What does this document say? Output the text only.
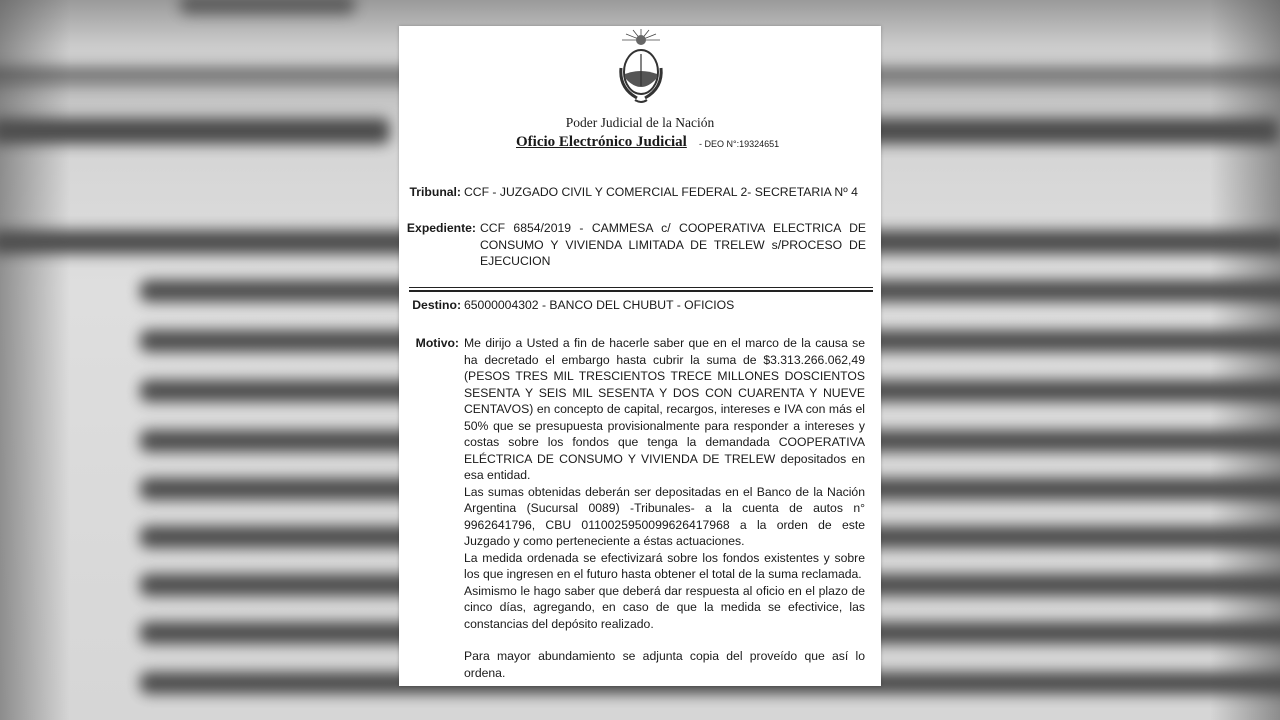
Poder Judicial de la Nación
Oficio Electrónico Judicial - DEO N°:19324651
Tribunal: CCF - JUZGADO CIVIL Y COMERCIAL FEDERAL 2- SECRETARIA Nº 4
Expediente: CCF 6854/2019 - CAMMESA c/ COOPERATIVA ELECTRICA DE CONSUMO Y VIVIENDA LIMITADA DE TRELEW s/PROCESO DE EJECUCION
Destino: 65000004302 - BANCO DEL CHUBUT - OFICIOS
Motivo: Me dirijo a Usted a fin de hacerle saber que en el marco de la causa se ha decretado el embargo hasta cubrir la suma de $3.313.266.062,49 (PESOS TRES MIL TRESCIENTOS TRECE MILLONES DOSCIENTOS SESENTA Y SEIS MIL SESENTA Y DOS CON CUARENTA Y NUEVE CENTAVOS) en concepto de capital, recargos, intereses e IVA con más el 50% que se presupuesta provisionalmente para responder a intereses y costas sobre los fondos que tenga la demandada COOPERATIVA ELÉCTRICA DE CONSUMO Y VIVIENDA DE TRELEW depositados en esa entidad.
Las sumas obtenidas deberán ser depositadas en el Banco de la Nación Argentina (Sucursal 0089) -Tribunales- a la cuenta de autos n° 9962641796, CBU 0110025950099626417968 a la orden de este Juzgado y como perteneciente a éstas actuaciones.
La medida ordenada se efectivizará sobre los fondos existentes y sobre los que ingresen en el futuro hasta obtener el total de la suma reclamada.
Asimismo le hago saber que deberá dar respuesta al oficio en el plazo de cinco días, agregando, en caso de que la medida se efectivice, las constancias del depósito realizado.
Para mayor abundamiento se adjunta copia del proveído que así lo ordena.
